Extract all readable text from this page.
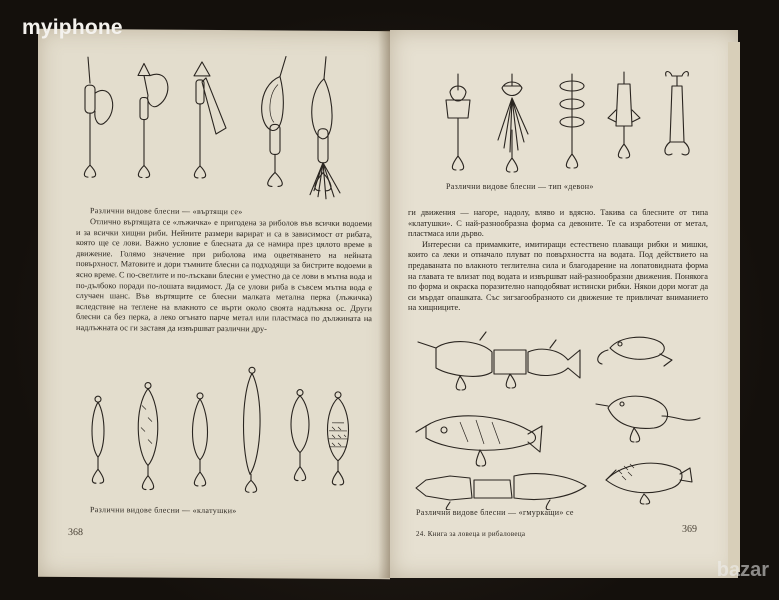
Различни видове блесни — «въртящи се»

Отлично въртящата се «лъжичка» е пригодена за риболов във всички водоеми и за всички хищни риби. Нейните размери варират и са в зависимост от рибата, която ще се лови. Важно условие е блесната да се намира през цялото време в движение. Голямо значение при риболова има оцветяването на нейната повърхност. Матовите и дори тъмните блесни са подходящи за бистрите водоеми в ясно време. С по-светлите и по-лъскави блесни е уместно да се лови в мътна вода и по-дълбоко поради по-лошата видимост. Да се улови риба в съвсем мътна вода е случаен шанс. Във въртящите се блесни малката метална перка (лъжичка) вследствие на теглене на влакното се върти около своята надлъжна ос. Други блесни са без перка, а леко огънато парче метал или пластмаса по дължината на надлъжната ос ги заставя да извършват различни дру-

Различни видове блесни — «клатушки»
368
Различни видове блесни — тип «девон»

ги движения — нагоре, надолу, вляво и вдясно. Такива са блесните от типа «клатушки». С най-разнообразна форма са девоните. Те са изработени от метал, пластмаса или дърво.

Интересни са примамките, имитиращи естествено плаващи рибки и мишки, които са леки и отначало плуват по повърхността на водата. Под действието на предаваната по влакното теглителна сила и благодарение на лопатовидната форма на главата те влизат под водата и извършват най-разнообразни движения. Понякога по форма и окраска поразително наподобяват истински рибки. Някои дори могат да си мърдат опашката. Със зигзагообразното си движение те привличат вниманието на хищниците.

Различни видове блесни — «гмуркащи» се
24. Книга за ловеца и рибаловеца	369
myiphone
bazar
